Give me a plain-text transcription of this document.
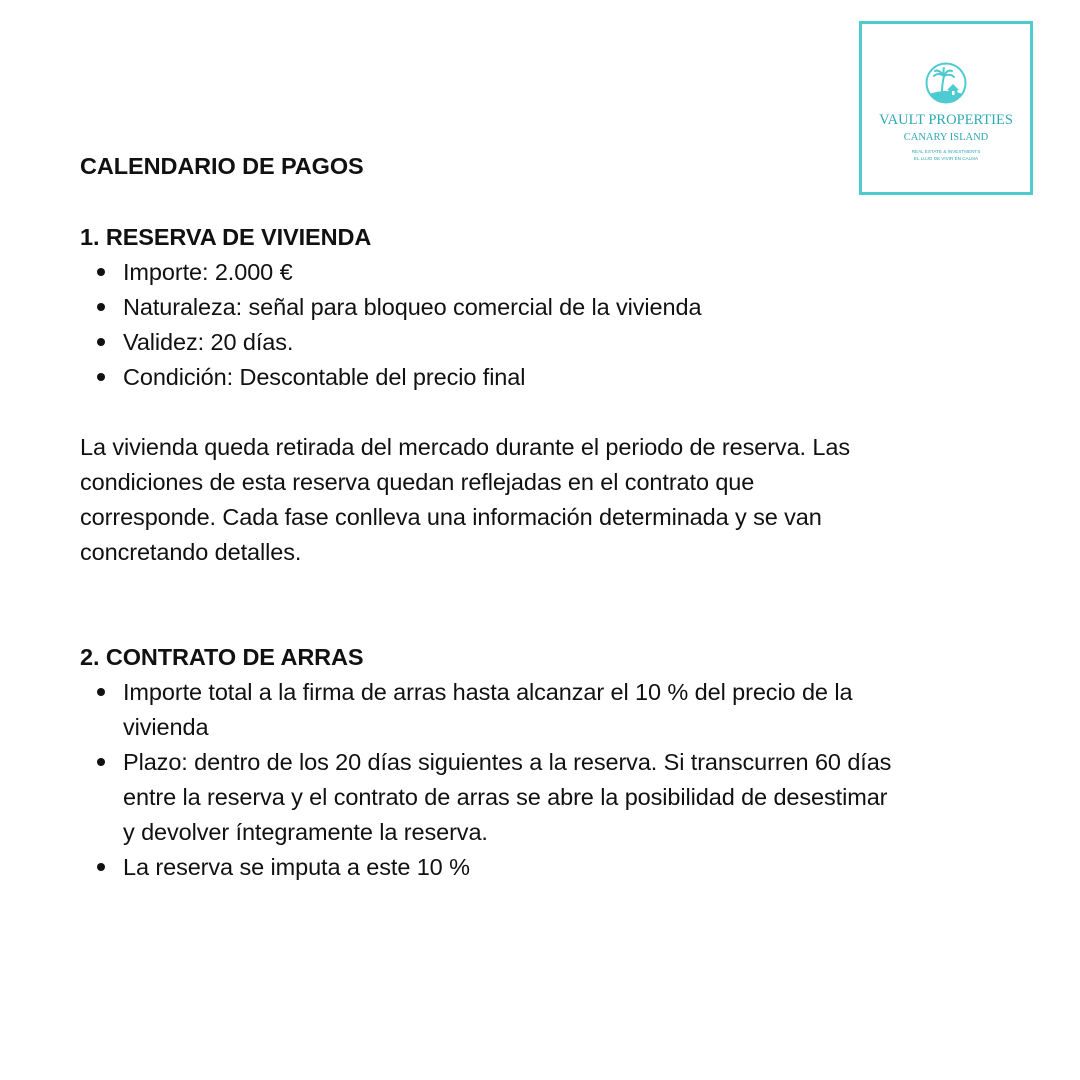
VAULT PROPERTIES
CANARY ISLAND
REAL ESTATE & INVESTMENTS
EL LUJO DE VIVIR EN CALMA
CALENDARIO DE PAGOS
1. RESERVA DE VIVIENDA
Importe: 2.000 €
Naturaleza: señal para bloqueo comercial de la vivienda
Validez: 20 días.
Condición: Descontable del precio final
La vivienda queda retirada del mercado durante el periodo de reserva. Las
condiciones de esta reserva quedan reflejadas en el contrato que
corresponde. Cada fase conlleva una información determinada y se van
concretando detalles.
2. CONTRATO DE ARRAS
Importe total a la firma de arras hasta alcanzar el 10 % del precio de la
vivienda
Plazo: dentro de los 20 días siguientes a la reserva. Si transcurren 60 días
entre la reserva y el contrato de arras se abre la posibilidad de desestimar
y devolver íntegramente la reserva.
La reserva se imputa a este 10 %
